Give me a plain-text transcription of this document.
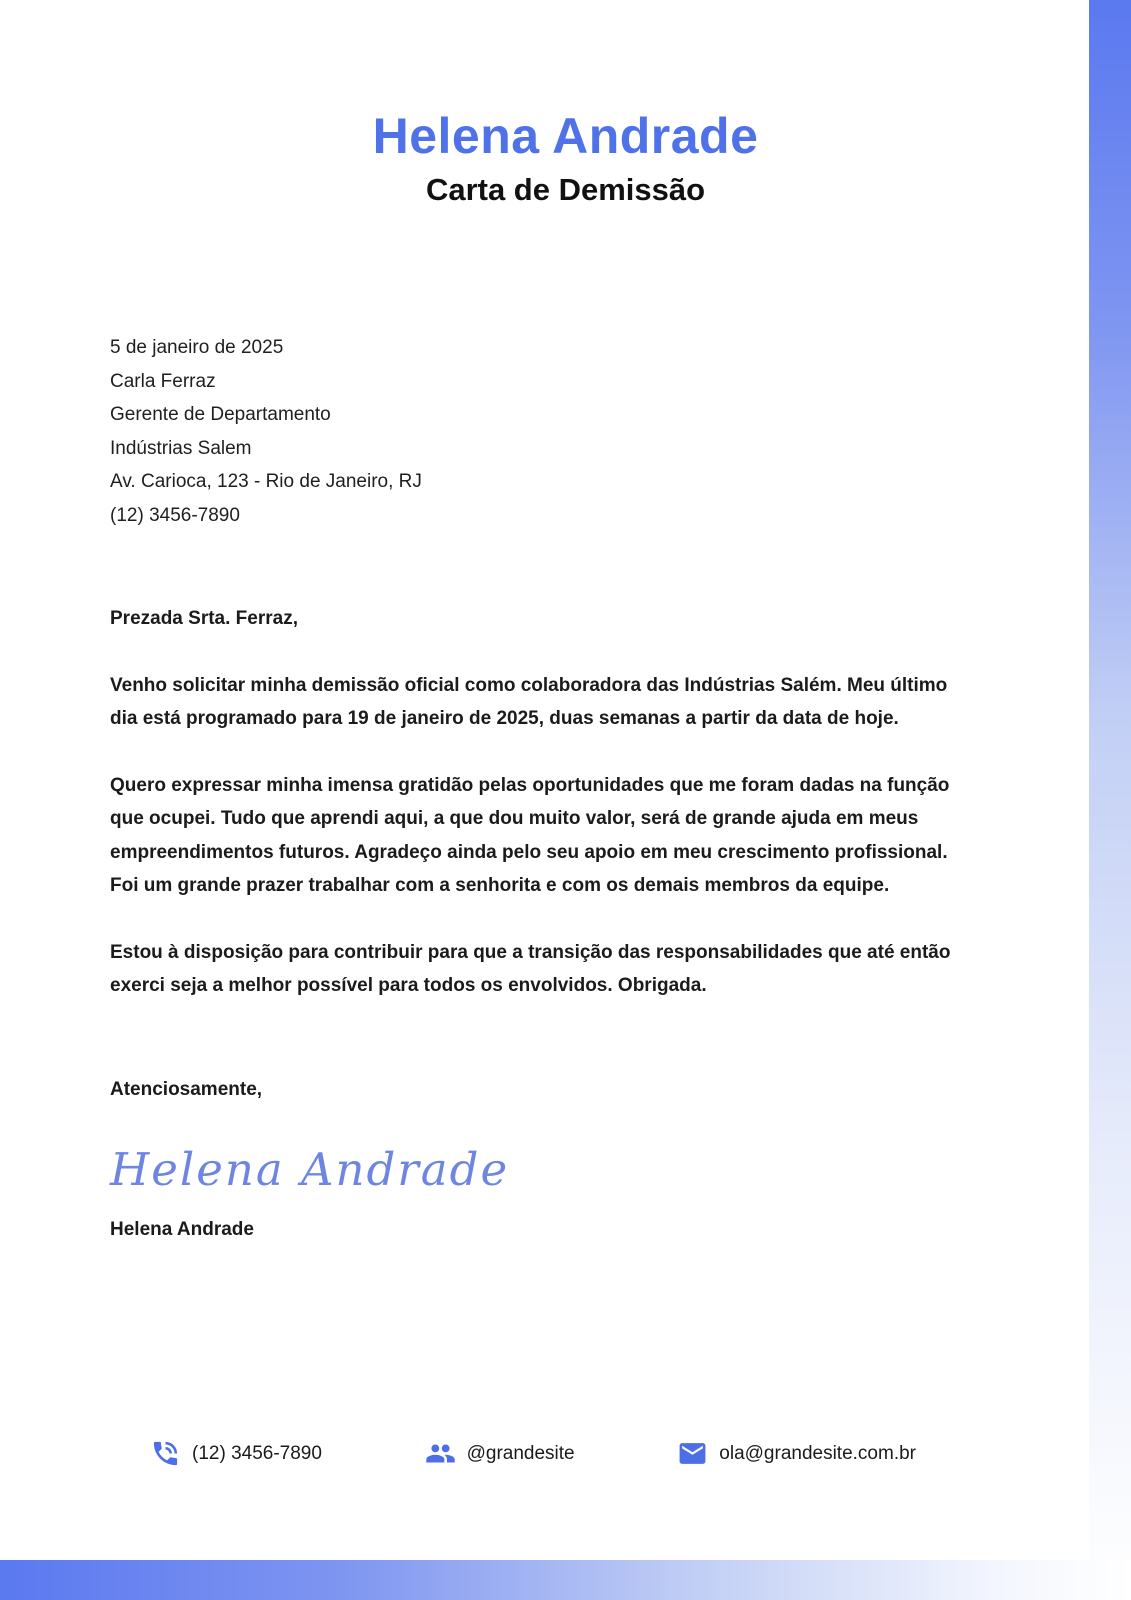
Helena Andrade
Carta de Demissão
5 de janeiro de 2025
Carla Ferraz
Gerente de Departamento
Indústrias Salem
Av. Carioca, 123 - Rio de Janeiro, RJ
(12) 3456-7890

Prezada Srta. Ferraz,

Venho solicitar minha demissão oficial como colaboradora das Indústrias Salém. Meu último dia está programado para 19 de janeiro de 2025, duas semanas a partir da data de hoje.

Quero expressar minha imensa gratidão pelas oportunidades que me foram dadas na função que ocupei. Tudo que aprendi aqui, a que dou muito valor, será de grande ajuda em meus empreendimentos futuros. Agradeço ainda pelo seu apoio em meu crescimento profissional. Foi um grande prazer trabalhar com a senhorita e com os demais membros da equipe.

Estou à disposição para contribuir para que a transição das responsabilidades que até então exerci seja a melhor possível para todos os envolvidos. Obrigada.

Atenciosamente,

Helena Andrade
Helena Andrade
(12) 3456-7890	@grandesite	ola@grandesite.com.br
